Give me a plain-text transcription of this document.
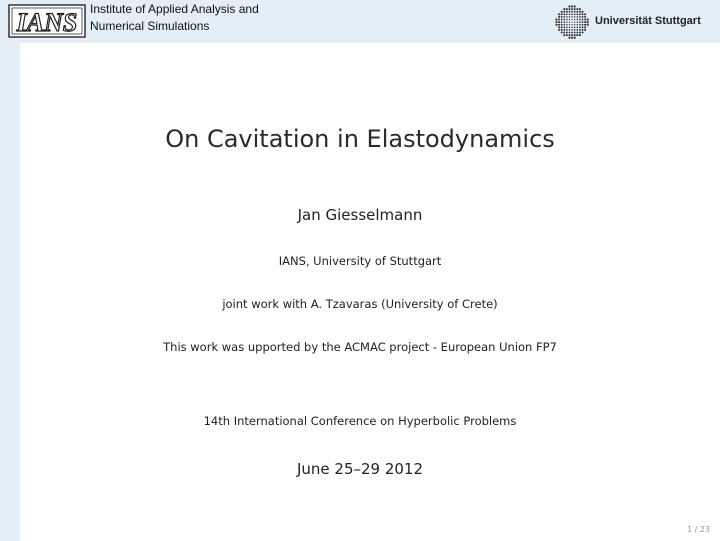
IANS Institute of Applied Analysis and
Numerical Simulations	Universität Stuttgart
On Cavitation in Elastodynamics
Jan Giesselmann
IANS, University of Stuttgart
joint work with A. Tzavaras (University of Crete)
This work was upported by the ACMAC project - European Union FP7
14th International Conference on Hyperbolic Problems
June 25–29 2012
1 / 23
